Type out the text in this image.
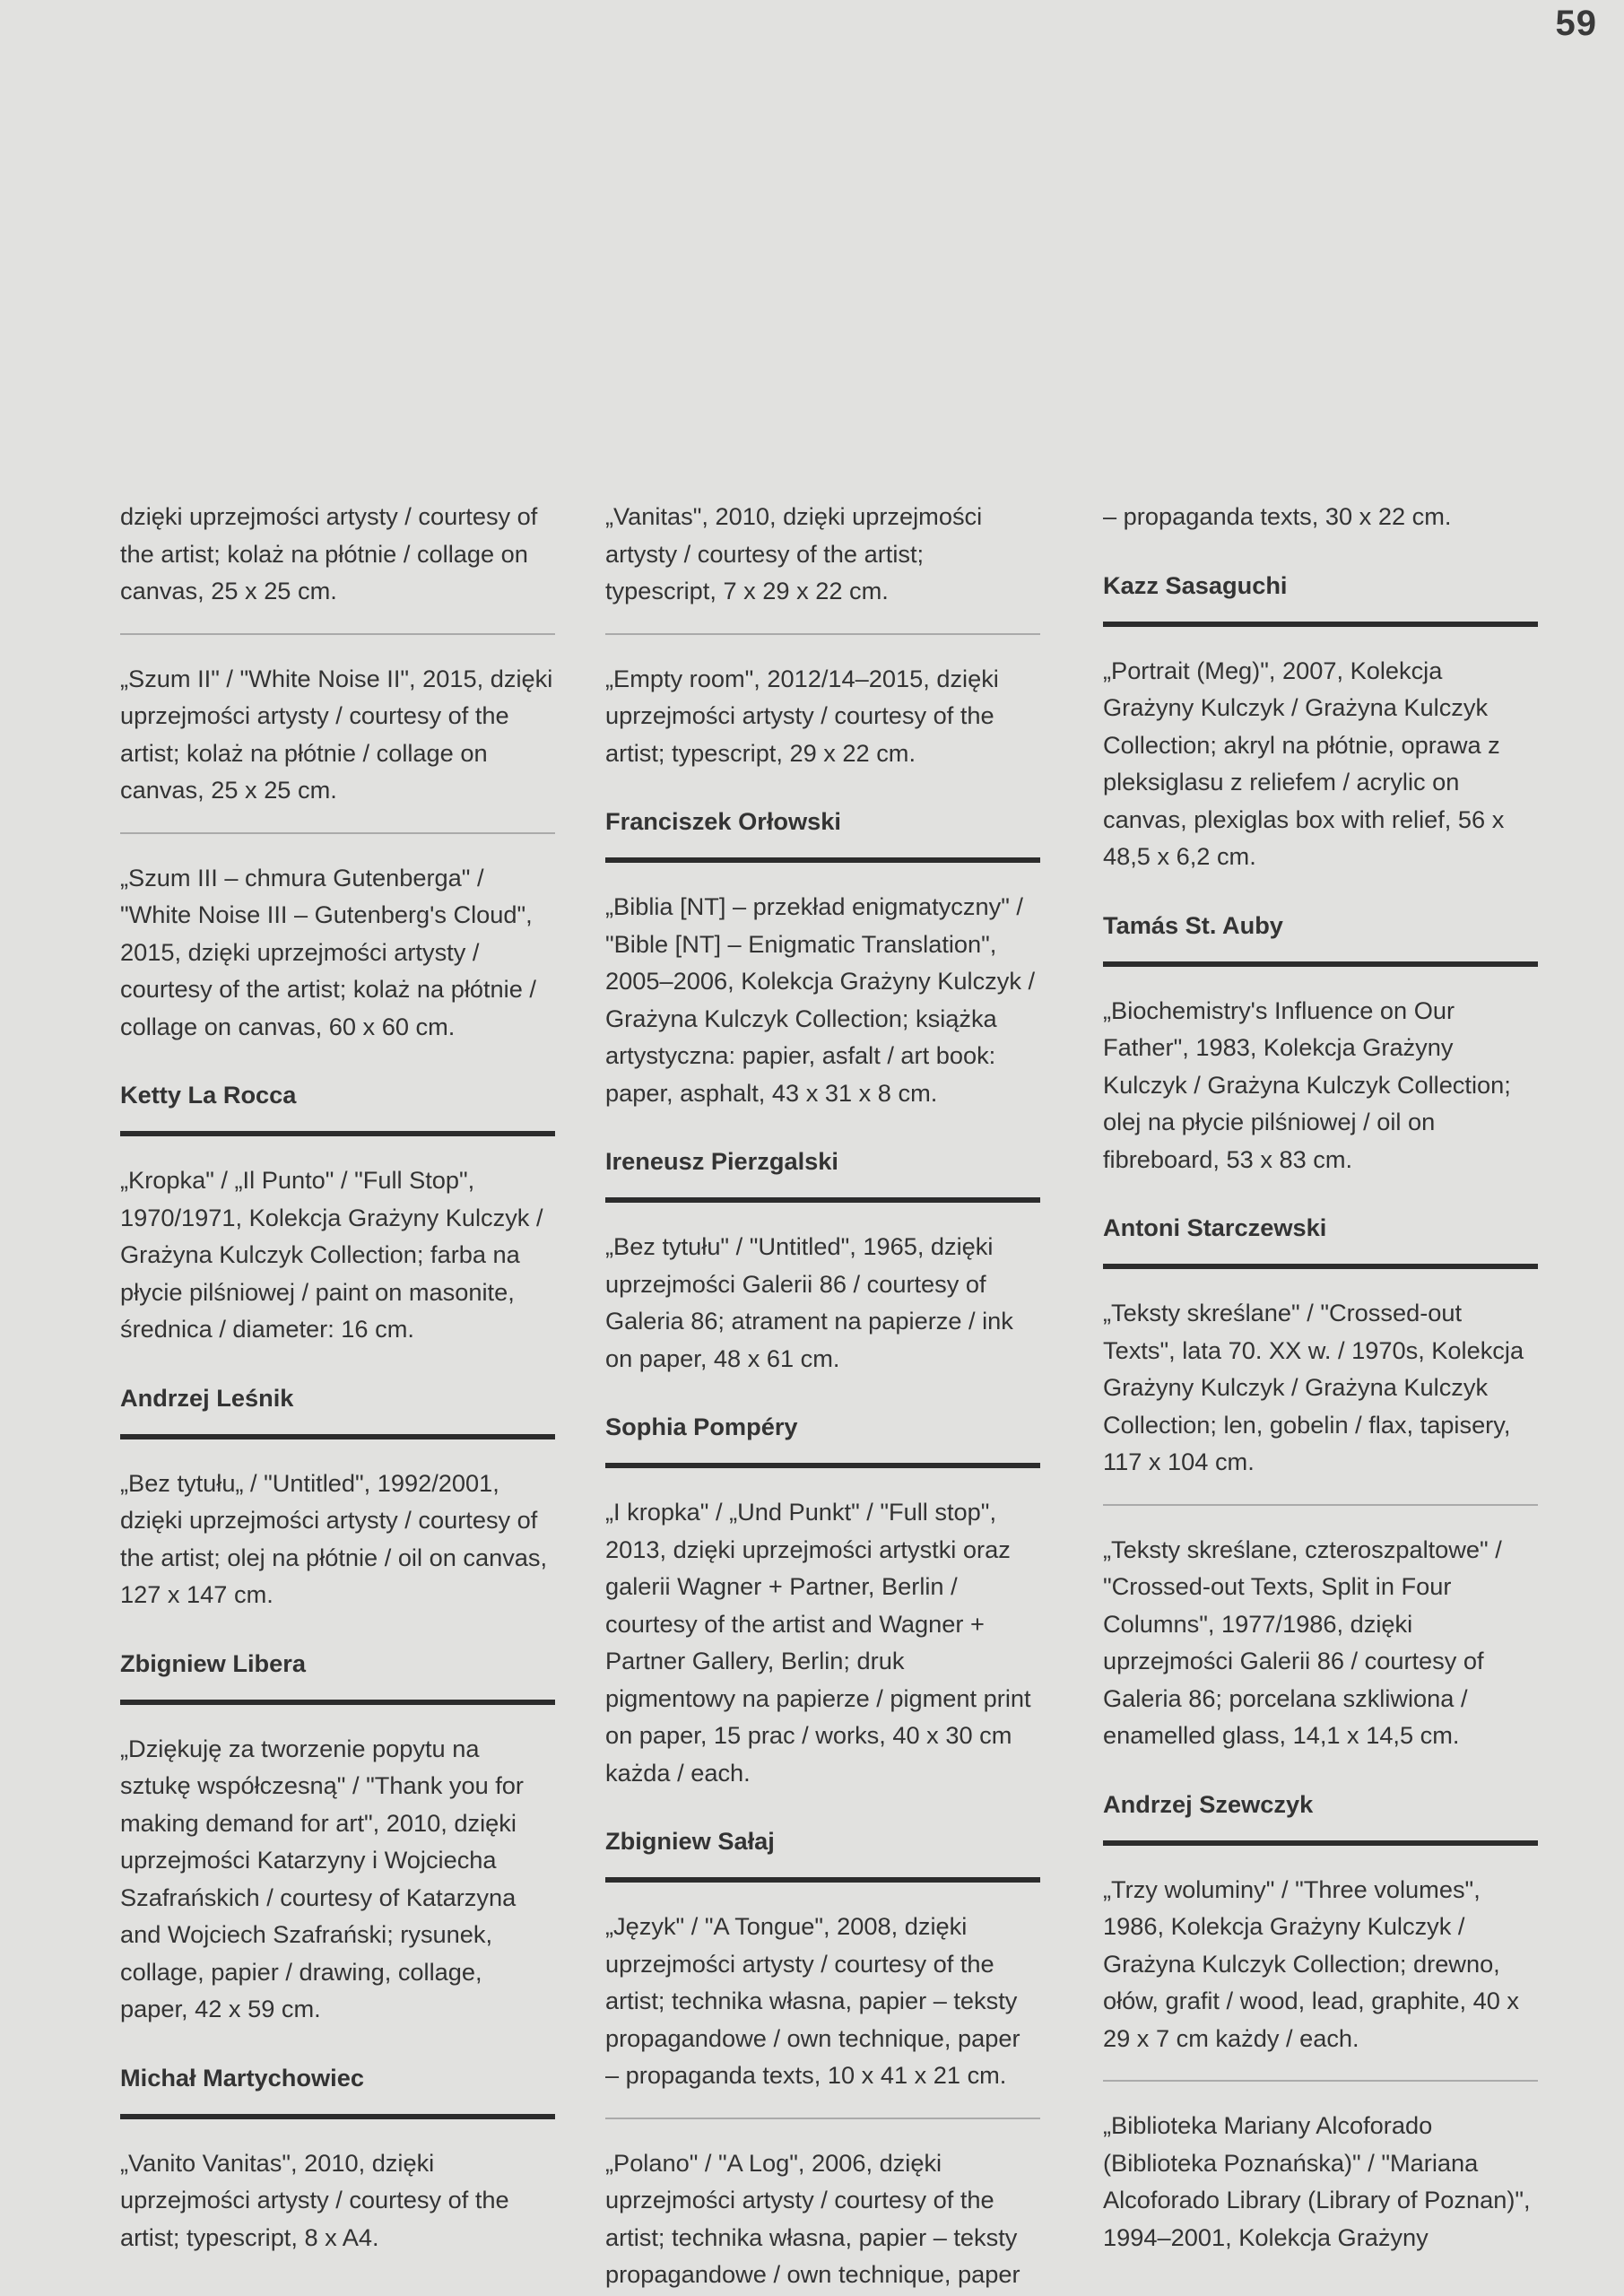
59

dzięki uprzejmości artysty / courtesy of the artist; kolaż na płótnie / collage on canvas, 25 x 25 cm.

„Szum II" / "White Noise II", 2015, dzięki uprzejmości artysty / courtesy of the artist; kolaż na płótnie / collage on canvas, 25 x 25 cm.

„Szum III – chmura Gutenberga" / "White Noise III – Gutenberg's Cloud", 2015, dzięki uprzejmości artysty / courtesy of the artist; kolaż na płótnie / collage on canvas, 60 x 60 cm.

Ketty La Rocca

„Kropka" / „Il Punto" / "Full Stop", 1970/1971, Kolekcja Grażyny Kulczyk / Grażyna Kulczyk Collection; farba na płycie pilśniowej / paint on masonite, średnica / diameter: 16 cm.

Andrzej Leśnik

„Bez tytułu„ / "Untitled", 1992/2001, dzięki uprzejmości artysty / courtesy of the artist; olej na płótnie / oil on canvas, 127 x 147 cm.

Zbigniew Libera

„Dziękuję za tworzenie popytu na sztukę współczesną" / "Thank you for making demand for art", 2010, dzięki uprzejmości Katarzyny i Wojciecha Szafrańskich / courtesy of Katarzyna and Wojciech Szafrański; rysunek, collage, papier / drawing, collage, paper, 42 x 59 cm.

Michał Martychowiec

„Vanito Vanitas", 2010, dzięki uprzejmości artysty / courtesy of the artist; typescript, 8 x A4.

„Vanitas", 2010, dzięki uprzejmości artysty / courtesy of the artist; typescript, 7 x 29 x 22 cm.

„Empty room", 2012/14–2015, dzięki uprzejmości artysty / courtesy of the artist; typescript, 29 x 22 cm.

Franciszek Orłowski

„Biblia [NT] – przekład enigmatyczny" / "Bible [NT] – Enigmatic Translation", 2005–2006, Kolekcja Grażyny Kulczyk / Grażyna Kulczyk Collection; książka artystyczna: papier, asfalt / art book: paper, asphalt, 43 x 31 x 8 cm.

Ireneusz Pierzgalski

„Bez tytułu" / "Untitled", 1965, dzięki uprzejmości Galerii 86 / courtesy of Galeria 86; atrament na papierze / ink on paper, 48 x 61 cm.

Sophia Pompéry

„I kropka" / „Und Punkt" / "Full stop", 2013, dzięki uprzejmości artystki oraz galerii Wagner + Partner, Berlin / courtesy of the artist and Wagner + Partner Gallery, Berlin; druk pigmentowy na papierze / pigment print on paper, 15 prac / works, 40 x 30 cm każda / each.

Zbigniew Sałaj

„Język" / "A Tongue", 2008, dzięki uprzejmości artysty / courtesy of the artist; technika własna, papier – teksty propagandowe / own technique, paper – propaganda texts, 10 x 41 x 21 cm.

„Polano" / "A Log", 2006, dzięki uprzejmości artysty / courtesy of the artist; technika własna, papier – teksty propagandowe / own technique, paper

– propaganda texts, 30 x 22 cm.

Kazz Sasaguchi

„Portrait (Meg)", 2007, Kolekcja Grażyny Kulczyk / Grażyna Kulczyk Collection; akryl na płótnie, oprawa z pleksiglasu z reliefem / acrylic on canvas, plexiglas box with relief, 56 x 48,5 x 6,2 cm.

Tamás St. Auby

„Biochemistry's Influence on Our Father", 1983, Kolekcja Grażyny Kulczyk / Grażyna Kulczyk Collection; olej na płycie pilśniowej / oil on fibreboard, 53 x 83 cm.

Antoni Starczewski

„Teksty skreślane" / "Crossed-out Texts", lata 70. XX w. / 1970s, Kolekcja Grażyny Kulczyk / Grażyna Kulczyk Collection; len, gobelin / flax, tapisery, 117 x 104 cm.

„Teksty skreślane, czteroszpaltowe" / "Crossed-out Texts, Split in Four Columns", 1977/1986, dzięki uprzejmości Galerii 86 / courtesy of Galeria 86; porcelana szkliwiona / enamelled glass, 14,1 x 14,5 cm.

Andrzej Szewczyk

„Trzy woluminy" / "Three volumes", 1986, Kolekcja Grażyny Kulczyk / Grażyna Kulczyk Collection; drewno, ołów, grafit / wood, lead, graphite, 40 x 29 x 7 cm każdy / each.

„Biblioteka Mariany Alcoforado (Biblioteka Poznańska)" / "Mariana Alcoforado Library (Library of Poznan)", 1994–2001, Kolekcja Grażyny
